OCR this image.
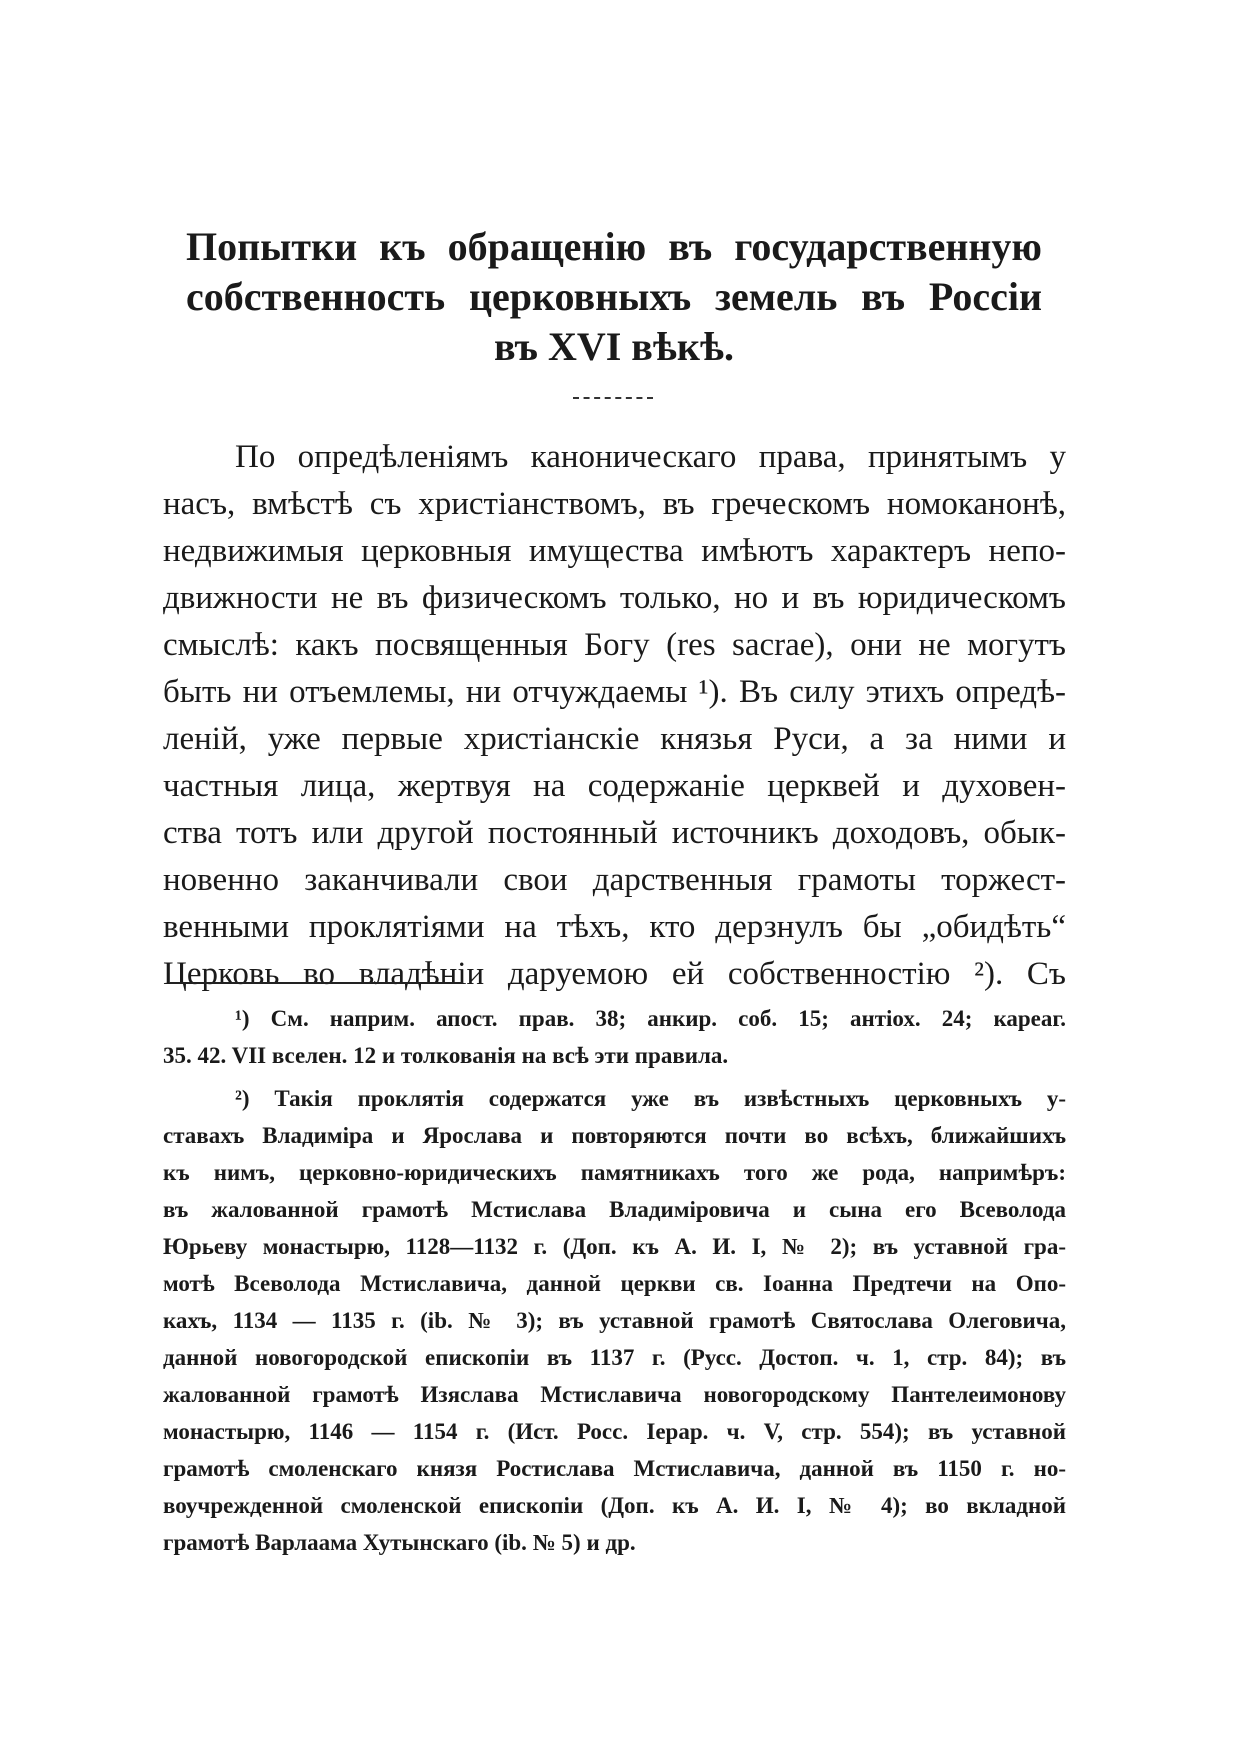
Попытки къ обращенію въ государственную
собственность церковныхъ земель въ Россіи
въ XVI вѣкѣ.
По опредѣленіямъ каноническаго права, принятымъ у
насъ, вмѣстѣ съ христіанствомъ, въ греческомъ номоканонѣ,
недвижимыя церковныя имущества имѣютъ характеръ непо-
движности не въ физическомъ только, но и въ юридическомъ
смыслѣ: какъ посвященныя Богу (res sacrae), они не могутъ
быть ни отъемлемы, ни отчуждаемы ¹). Въ силу этихъ опредѣ-
леній, уже первые христіанскіе князья Руси, а за ними и
частныя лица, жертвуя на содержаніе церквей и духовен-
ства тотъ или другой постоянный источникъ доходовъ, обык-
новенно заканчивали свои дарственныя грамоты торжест-
венными проклятіями на тѣхъ, кто дерзнулъ бы „обидѣть“
Церковь во владѣніи даруемою ей собственностію ²). Съ
¹) См. наприм. апост. прав. 38; анкир. соб. 15; антіох. 24; кареаг.
35. 42. VII вселен. 12 и толкованія на всѣ эти правила.
²) Такія проклятія содержатся уже въ извѣстныхъ церковныхъ у-
ставахъ Владиміра и Ярослава и повторяются почти во всѣхъ, ближайшихъ
къ нимъ, церковно-юридическихъ памятникахъ того же рода, напримѣръ:
въ жалованной грамотѣ Мстислава Владиміровича и сына его Всеволода
Юрьеву монастырю, 1128—1132 г. (Доп. къ А. И. I, № 2); въ уставной гра-
мотѣ Всеволода Мстиславича, данной церкви св. Іоанна Предтечи на Опо-
кахъ, 1134 — 1135 г. (ib. № 3); въ уставной грамотѣ Святослава Олеговича,
данной новогородской епископіи въ 1137 г. (Русс. Достоп. ч. 1, стр. 84); въ
жалованной грамотѣ Изяслава Мстиславича новогородскому Пантелеимонову
монастырю, 1146 — 1154 г. (Ист. Росс. Іерар. ч. V, стр. 554); въ уставной
грамотѣ смоленскаго князя Ростислава Мстиславича, данной въ 1150 г. но-
воучрежденной смоленской епископіи (Доп. къ А. И. I, № 4); во вкладной
грамотѣ Варлаама Хутынскаго (ib. № 5) и др.
